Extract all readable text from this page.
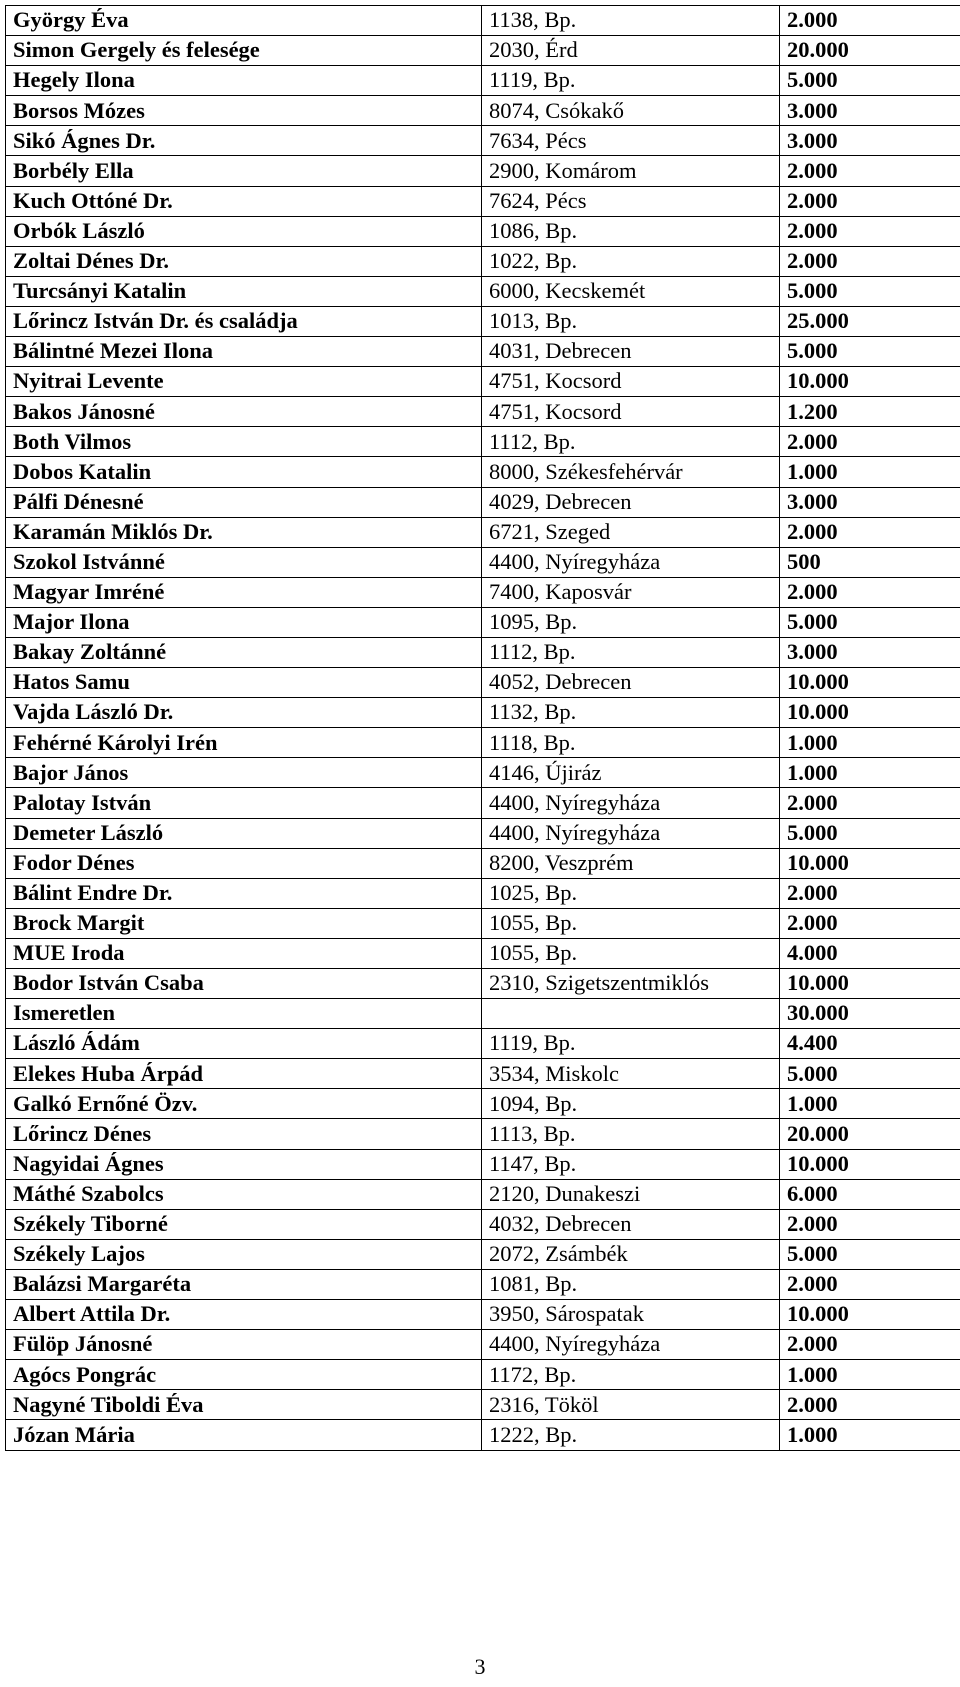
György Éva	1138, Bp.	2.000
Simon Gergely és felesége	2030, Érd	20.000
Hegely Ilona	1119, Bp.	5.000
Borsos Mózes	8074, Csókakő	3.000
Sikó Ágnes Dr.	7634, Pécs	3.000
Borbély Ella	2900, Komárom	2.000
Kuch Ottóné Dr.	7624, Pécs	2.000
Orbók László	1086, Bp.	2.000
Zoltai Dénes Dr.	1022, Bp.	2.000
Turcsányi Katalin	6000, Kecskemét	5.000
Lőrincz István Dr. és családja	1013, Bp.	25.000
Bálintné Mezei Ilona	4031, Debrecen	5.000
Nyitrai Levente	4751, Kocsord	10.000
Bakos Jánosné	4751, Kocsord	1.200
Both Vilmos	1112, Bp.	2.000
Dobos Katalin	8000, Székesfehérvár	1.000
Pálfi Dénesné	4029, Debrecen	3.000
Karamán Miklós Dr.	6721, Szeged	2.000
Szokol Istvánné	4400, Nyíregyháza	500
Magyar Imréné	7400, Kaposvár	2.000
Major Ilona	1095, Bp.	5.000
Bakay Zoltánné	1112, Bp.	3.000
Hatos Samu	4052, Debrecen	10.000
Vajda László Dr.	1132, Bp.	10.000
Fehérné Károlyi Irén	1118, Bp.	1.000
Bajor János	4146, Újiráz	1.000
Palotay István	4400, Nyíregyháza	2.000
Demeter László	4400, Nyíregyháza	5.000
Fodor Dénes	8200, Veszprém	10.000
Bálint Endre Dr.	1025, Bp.	2.000
Brock Margit	1055, Bp.	2.000
MUE Iroda	1055, Bp.	4.000
Bodor István Csaba	2310, Szigetszentmiklós	10.000
Ismeretlen		30.000
László Ádám	1119, Bp.	4.400
Elekes Huba Árpád	3534, Miskolc	5.000
Galkó Ernőné Özv.	1094, Bp.	1.000
Lőrincz Dénes	1113, Bp.	20.000
Nagyidai Ágnes	1147, Bp.	10.000
Máthé Szabolcs	2120, Dunakeszi	6.000
Székely Tiborné	4032, Debrecen	2.000
Székely Lajos	2072, Zsámbék	5.000
Balázsi Margaréta	1081, Bp.	2.000
Albert Attila Dr.	3950, Sárospatak	10.000
Fülöp Jánosné	4400, Nyíregyháza	2.000
Agócs Pongrác	1172, Bp.	1.000
Nagyné Tiboldi Éva	2316, Tököl	2.000
Józan Mária	1222, Bp.	1.000
3
